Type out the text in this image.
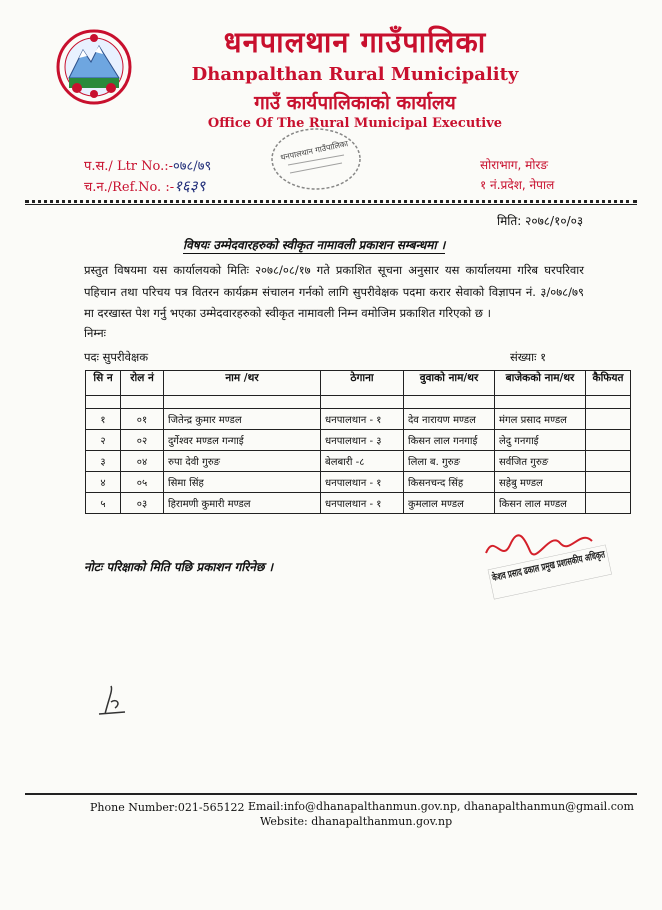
धनपालथान गाउँपालिका
Dhanpalthan Rural Municipality
गाउँ कार्यपालिकाको कार्यालय
Office Of The Rural Municipal Executive
धनपालथान गाउँपालिका
प.स./ Ltr No.:-०७८/७९
च.न./Ref.No. :-१६३९
सोराभाग, मोरङ
१ नं.प्रदेश, नेपाल
मिति: २०७८/१०/०३
विषयः उम्मेदवारहरुको स्वीकृत नामावली प्रकाशन सम्बन्धमा ।
प्रस्तुत विषयमा यस कार्यालयको मितिः २०७८/०८/१७ गते प्रकाशित सूचना अनुसार यस कार्यालयमा गरिब घरपरिवार पहिचान तथा परिचय पत्र वितरन कार्यक्रम संचालन गर्नको लागि सुपरीवेक्षक पदमा करार सेवाको विज्ञापन नं. ३/०७८/७९ मा दरखास्त पेश गर्नु भएका उम्मेदवारहरुको स्वीकृत नामावली निम्न वमोजिम प्रकाशित गरिएको छ ।
निम्नः
पदः सुपरीवेक्षक	संख्याः १
सि न	रोल नं	नाम /थर	ठेगाना	वुवाको नाम/थर	बाजेकको नाम/थर	कैफियत

१	०१	जितेन्द्र कुमार मण्डल	धनपालथान - १	देव नारायण मण्डल	मंगल प्रसाद मण्डल	
२	०२	दुर्गेश्वर मण्डल गन्गाई	धनपालथान - ३	किसन लाल गनगाई	लेदु गनगाई	
३	०४	रुपा देवी गुरुङ	बेलबारी -८	लिला ब. गुरुङ	सर्वजित गुरुङ	
४	०५	सिमा सिंह	धनपालथान - १	किसनचन्द सिंह	सहेबु मण्डल	
५	०३	हिरामणी कुमारी मण्डल	धनपालथान - १	कुमलाल मण्डल	किसन लाल मण्डल	
नोटः परिक्षाको मिति पछि प्रकाशन गरिनेछ ।	केशव प्रसाद ढकाल प्रमुख प्रशासकीय अधिकृत
Phone Number:021-565122 Email:info@dhanapalthanmun.gov.np, dhanapalthanmun@gmail.com
Website: dhanapalthanmun.gov.np
